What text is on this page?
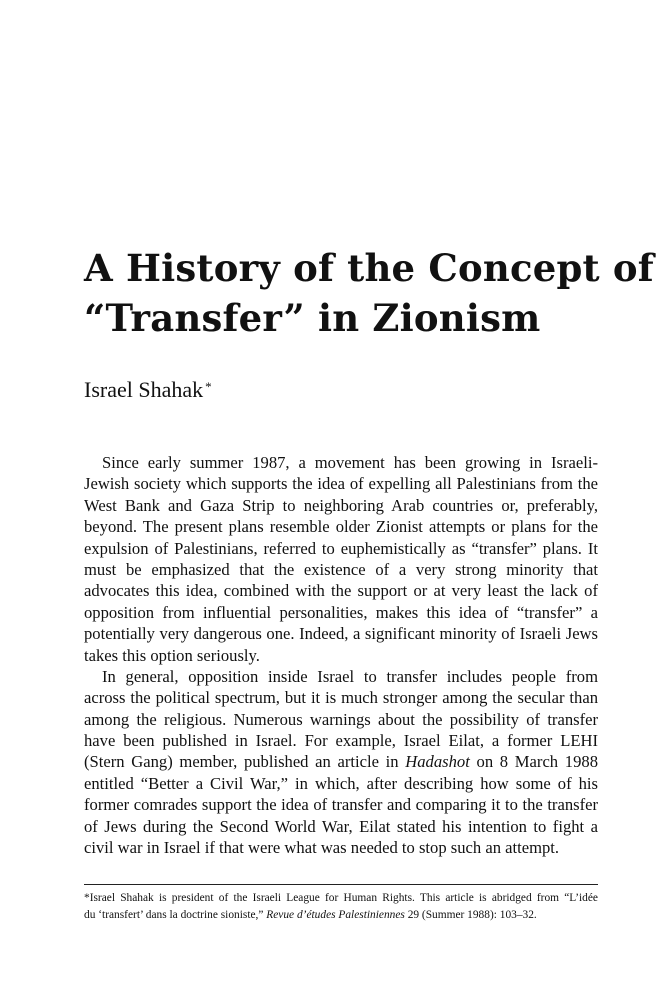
A History of the Concept of
“Transfer” in Zionism
Israel Shahak *
Since early summer 1987, a movement has been growing in Israeli-
Jewish society which supports the idea of expelling all Palestinians from the
West Bank and Gaza Strip to neighboring Arab countries or, preferably,
beyond. The present plans resemble older Zionist attempts or plans for the
expulsion of Palestinians, referred to euphemistically as “transfer” plans. It
must be emphasized that the existence of a very strong minority that
advocates this idea, combined with the support or at very least the lack of
opposition from influential personalities, makes this idea of “transfer” a
potentially very dangerous one. Indeed, a significant minority of Israeli Jews
takes this option seriously.
In general, opposition inside Israel to transfer includes people from
across the political spectrum, but it is much stronger among the secular than
among the religious. Numerous warnings about the possibility of transfer
have been published in Israel. For example, Israel Eilat, a former LEHI
(Stern Gang) member, published an article in Hadashot on 8 March 1988
entitled “Better a Civil War,” in which, after describing how some of his
former comrades support the idea of transfer and comparing it to the transfer
of Jews during the Second World War, Eilat stated his intention to fight a
civil war in Israel if that were what was needed to stop such an attempt.
*Israel Shahak is president of the Israeli League for Human Rights. This article is abridged from “L’idée
du ‘transfert’ dans la doctrine sioniste,” Revue d’études Palestiniennes 29 (Summer 1988): 103–32.
